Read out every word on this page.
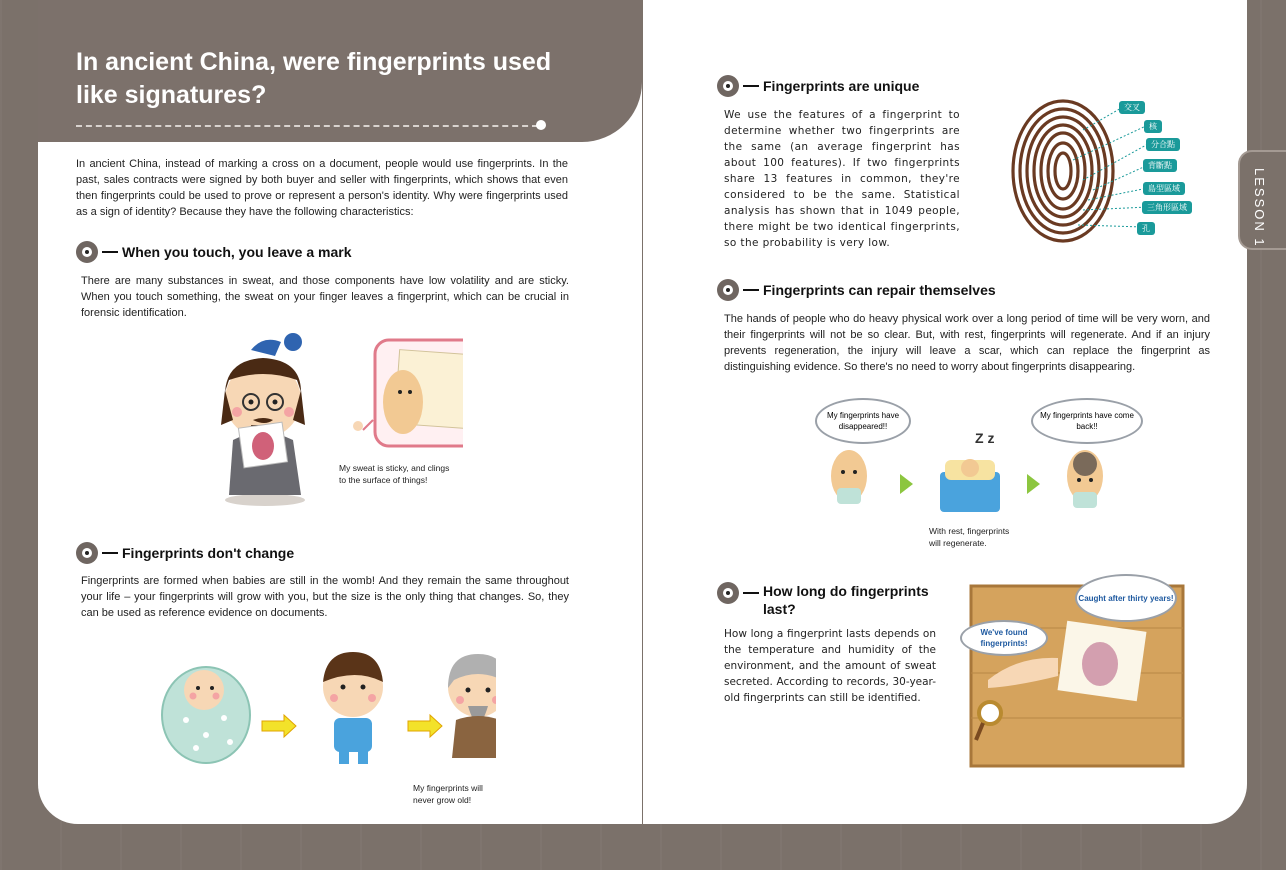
In ancient China, were fingerprints used like signatures?
In ancient China, instead of marking a cross on a document, people would use fingerprints. In the past, sales contracts were signed by both buyer and seller with fingerprints, which shows that even then fingerprints could be used to prove or represent a person's identity. Why were fingerprints used as a sign of identity? Because they have the following characteristics:
When you touch, you leave a mark
There are many substances in sweat, and those components have low volatility and are sticky. When you touch something, the sweat on your finger leaves a fingerprint, which can be crucial in forensic identification.
My sweat is sticky, and clings to the surface of things!
Fingerprints don't change
Fingerprints are formed when babies are still in the womb! And they remain the same throughout your life – your fingerprints will grow with you, but the size is the only thing that changes. So, they can be used as reference evidence on documents.
My fingerprints will never grow old!
Fingerprints are unique
We use the features of a fingerprint to determine whether two fingerprints are the same (an average fingerprint has about 100 features). If two fingerprints share 13 features in common, they're considered to be the same. Statistical analysis has shown that in 1049 people, there might be two identical fingerprints, so the probability is very low.
交叉
核
分合點
背斷點
島型區域
三角形區域
孔
Fingerprints can repair themselves
The hands of people who do heavy physical work over a long period of time will be very worn, and their fingerprints will not be so clear. But, with rest, fingerprints will regenerate. And if an injury prevents regeneration, the injury will leave a scar, which can replace the fingerprint as distinguishing evidence. So there's no need to worry about fingerprints disappearing.
My fingerprints have disappeared!!
My fingerprints have come back!!
Z z
With rest, fingerprints will regenerate.
How long do fingerprints last?
How long a fingerprint lasts depends on the temperature and humidity of the environment, and the amount of sweat secreted. According to records, 30-year-old fingerprints can still be identified.
Caught after thirty years!
We've found fingerprints!
LESSON 1
